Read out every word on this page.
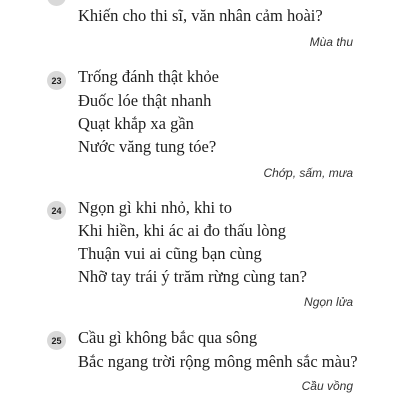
Khiến cho thi sĩ, văn nhân cảm hoài?
Mùa thu
23 Trống đánh thật khỏe
Đuốc lóe thật nhanh
Quạt khắp xa gần
Nước văng tung tóe?
Chớp, sấm, mưa
24 Ngọn gì khi nhỏ, khi to
Khi hiền, khi ác ai đo thấu lòng
Thuận vui ai cũng bạn cùng
Nhỡ tay trái ý trăm rừng cùng tan?
Ngọn lửa
25 Cầu gì không bắc qua sông
Bắc ngang trời rộng mông mênh sắc màu?
Cầu vồng
